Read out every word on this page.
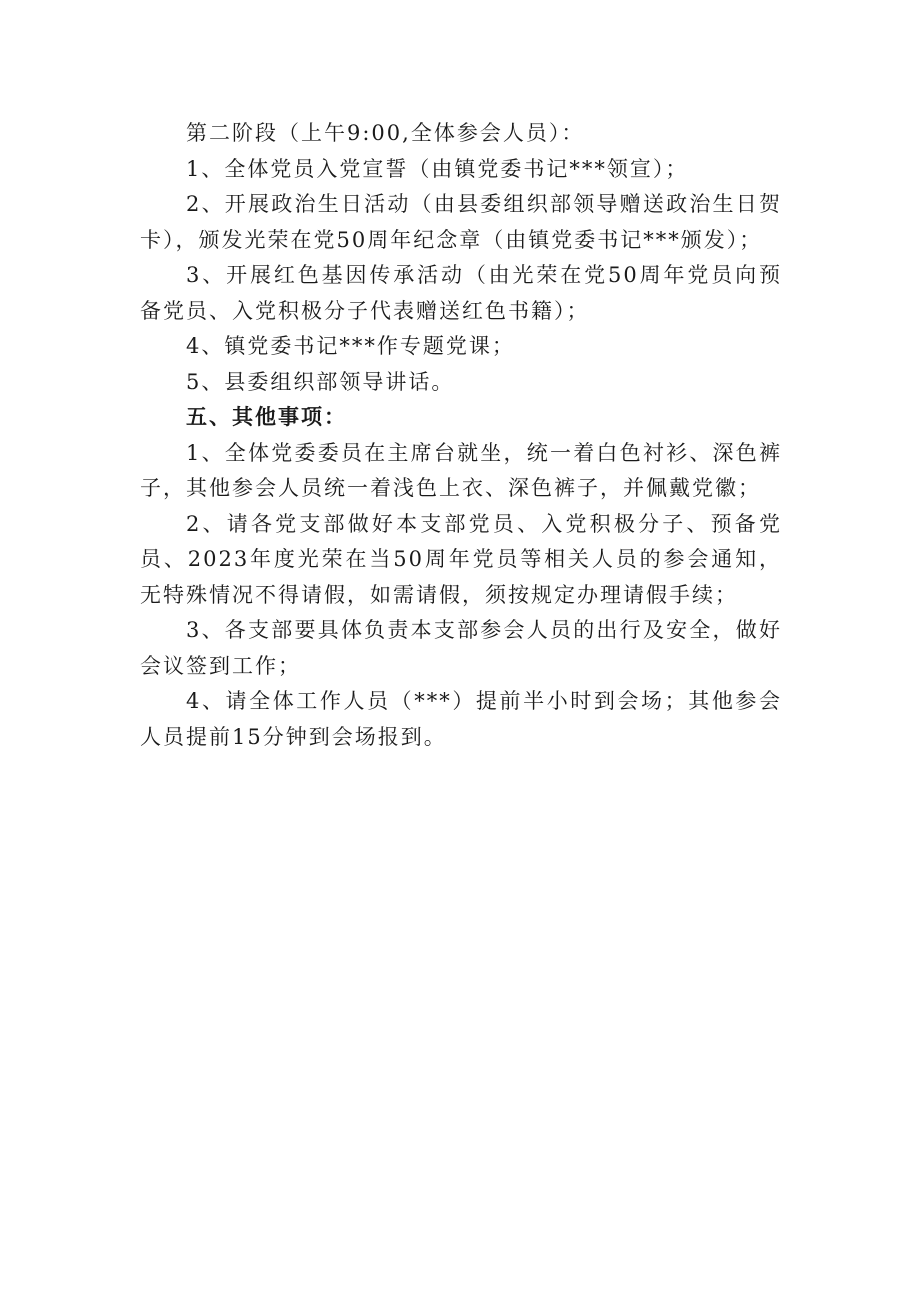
第二阶段（上午9:00,全体参会人员）：

1、全体党员入党宣誓（由镇党委书记***领宣）；

2、开展政治生日活动（由县委组织部领导赠送政治生日贺卡），颁发光荣在党50周年纪念章（由镇党委书记***颁发）；

3、开展红色基因传承活动（由光荣在党50周年党员向预备党员、入党积极分子代表赠送红色书籍）；

4、镇党委书记***作专题党课；

5、县委组织部领导讲话。

五、其他事项：

1、全体党委委员在主席台就坐，统一着白色衬衫、深色裤子，其他参会人员统一着浅色上衣、深色裤子，并佩戴党徽；

2、请各党支部做好本支部党员、入党积极分子、预备党员、2023年度光荣在当50周年党员等相关人员的参会通知，无特殊情况不得请假，如需请假，须按规定办理请假手续；

3、各支部要具体负责本支部参会人员的出行及安全，做好会议签到工作；

4、请全体工作人员（***）提前半小时到会场；其他参会人员提前15分钟到会场报到。
